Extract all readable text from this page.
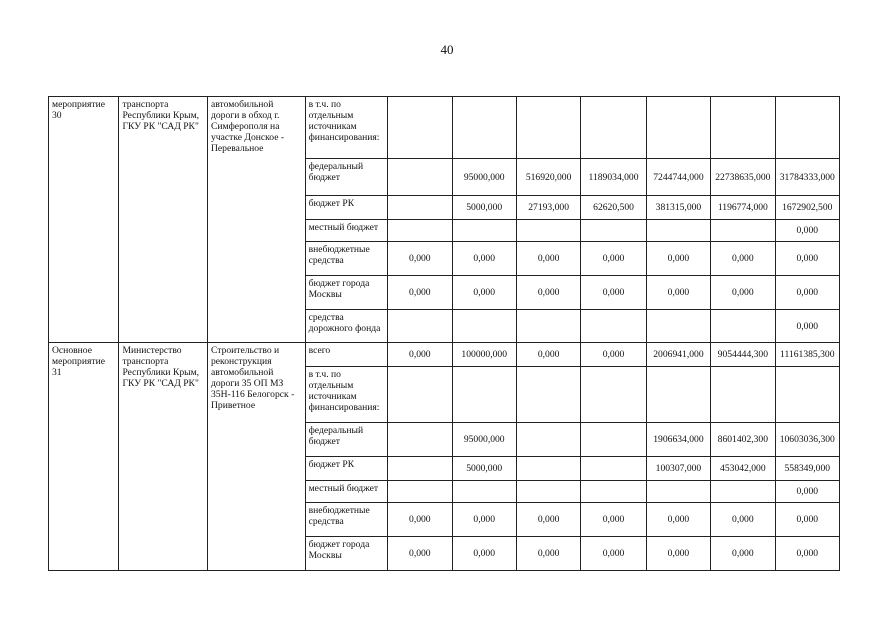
40
мероприятие 30	транспорта Республики Крым, ГКУ РК "САД РК"	автомобильной дороги в обход г. Симферополя на участке Донское - Перевальное	в т.ч. по отдельным источникам финансирования:							
			федеральный бюджет		95000,000	516920,000	1189034,000	7244744,000	22738635,000	31784333,000
			бюджет РК		5000,000	27193,000	62620,500	381315,000	1196774,000	1672902,500
			местный бюджет							0,000
			внебюджетные средства	0,000	0,000	0,000	0,000	0,000	0,000	0,000
			бюджет города Москвы	0,000	0,000	0,000	0,000	0,000	0,000	0,000
			средства дорожного фонда							0,000
Основное мероприятие 31	Министерство транспорта Республики Крым, ГКУ РК "САД РК"	Строительство и реконструкция автомобильной дороги 35 ОП МЗ 35Н-116 Белогорск - Приветное	всего	0,000	100000,000	0,000	0,000	2006941,000	9054444,300	11161385,300
			в т.ч. по отдельным источникам финансирования:							
			федеральный бюджет		95000,000			1906634,000	8601402,300	10603036,300
			бюджет РК		5000,000			100307,000	453042,000	558349,000
			местный бюджет							0,000
			внебюджетные средства	0,000	0,000	0,000	0,000	0,000	0,000	0,000
			бюджет города Москвы	0,000	0,000	0,000	0,000	0,000	0,000	0,000
